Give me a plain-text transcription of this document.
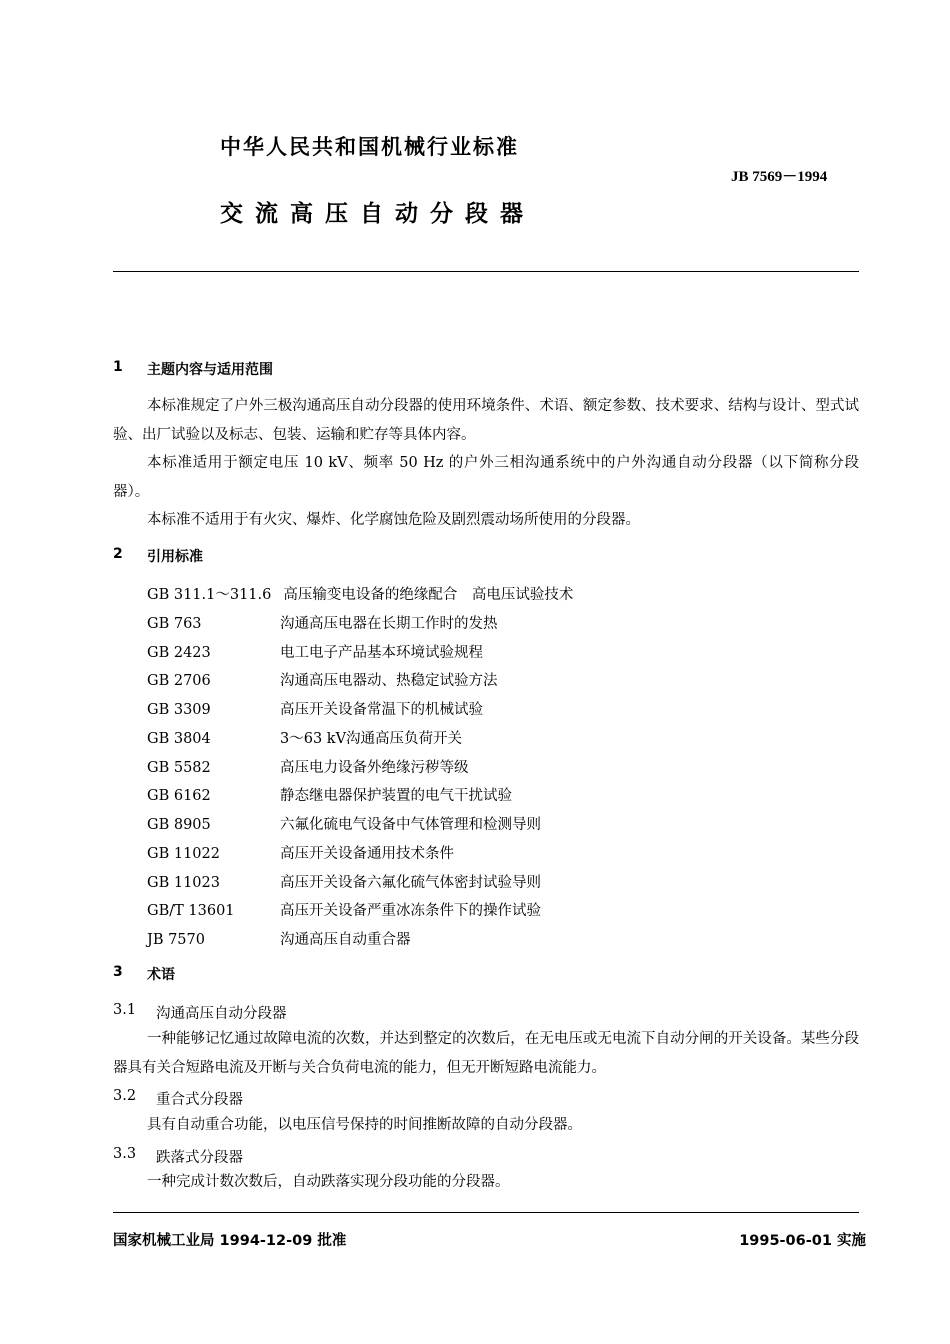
中华人民共和国机械行业标准
JB 7569－1994
交流高压自动分段器
1 主题内容与适用范围
本标准规定了户外三极沟通高压自动分段器的使用环境条件、术语、额定参数、技术要求、结构与设计、型式试验、出厂试验以及标志、包装、运输和贮存等具体内容。
本标准适用于额定电压 10 kV、频率 50 Hz 的户外三相沟通系统中的户外沟通自动分段器（以下简称分段器）。
本标准不适用于有火灾、爆炸、化学腐蚀危险及剧烈震动场所使用的分段器。
2 引用标准
GB 311.1～311.6 高压输变电设备的绝缘配合　高电压试验技术
GB 763	沟通高压电器在长期工作时的发热
GB 2423	电工电子产品基本环境试验规程
GB 2706	沟通高压电器动、热稳定试验方法
GB 3309	高压开关设备常温下的机械试验
GB 3804	3～63 kV沟通高压负荷开关
GB 5582	高压电力设备外绝缘污秽等级
GB 6162	静态继电器保护装置的电气干扰试验
GB 8905	六氟化硫电气设备中气体管理和检测导则
GB 11022	高压开关设备通用技术条件
GB 11023	高压开关设备六氟化硫气体密封试验导则
GB/T 13601	高压开关设备严重冰冻条件下的操作试验
JB 7570	沟通高压自动重合器
3 术语
3.1 沟通高压自动分段器
一种能够记忆通过故障电流的次数，并达到整定的次数后，在无电压或无电流下自动分闸的开关设备。某些分段器具有关合短路电流及开断与关合负荷电流的能力，但无开断短路电流能力。
3.2 重合式分段器
具有自动重合功能，以电压信号保持的时间推断故障的自动分段器。
3.3 跌落式分段器
一种完成计数次数后，自动跌落实现分段功能的分段器。
国家机械工业局 1994-12-09 批准	1995-06-01 实施
